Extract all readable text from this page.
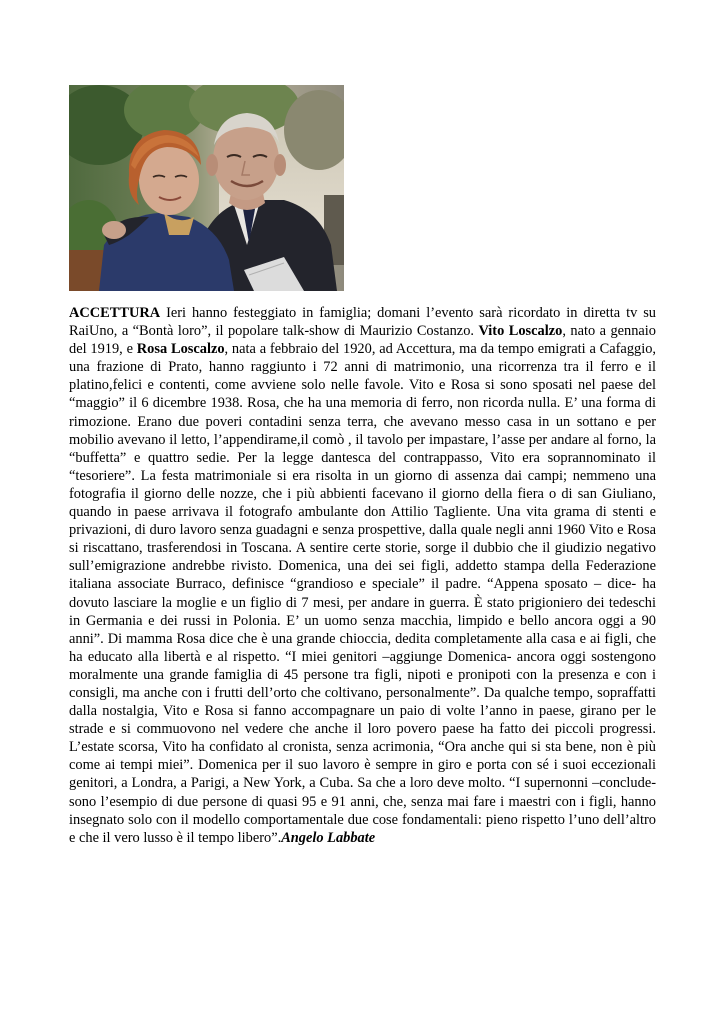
ACCETTURA Ieri hanno festeggiato in famiglia; domani l’evento sarà ricordato in diretta tv su RaiUno, a “Bontà loro”, il popolare talk-show di Maurizio Costanzo. Vito Loscalzo, nato a gennaio del 1919, e Rosa Loscalzo, nata a febbraio del 1920, ad Accettura, ma da tempo emigrati a Cafaggio, una frazione di Prato, hanno raggiunto i 72 anni di matrimonio, una ricorrenza tra il ferro e il platino,felici e contenti, come avviene solo nelle favole. Vito e Rosa si sono sposati nel paese del “maggio” il 6 dicembre 1938. Rosa, che ha una memoria di ferro, non ricorda nulla. E’ una forma di rimozione. Erano due poveri contadini senza terra, che avevano messo casa in un sottano e per mobilio avevano il letto, l’appendirame,il comò , il tavolo per impastare, l’asse per andare al forno, la “buffetta” e quattro sedie. Per la legge dantesca del contrappasso, Vito era soprannominato il “tesoriere”. La festa matrimoniale si era risolta in un giorno di assenza dai campi; nemmeno una fotografia il giorno delle nozze, che i più abbienti facevano il giorno della fiera o di san Giuliano, quando in paese arrivava il fotografo ambulante don Attilio Tagliente. Una vita grama di stenti e privazioni, di duro lavoro senza guadagni e senza prospettive, dalla quale negli anni 1960 Vito e Rosa si riscattano, trasferendosi in Toscana. A sentire certe storie, sorge il dubbio che il giudizio negativo sull’emigrazione andrebbe rivisto. Domenica, una dei sei figli, addetto stampa della Federazione italiana associate Burraco, definisce “grandioso e speciale” il padre. “Appena sposato – dice- ha dovuto lasciare la moglie e un figlio di 7 mesi, per andare in guerra. È stato prigioniero dei tedeschi in Germania e dei russi in Polonia. E’ un uomo senza macchia, limpido e bello ancora oggi a 90 anni”. Di mamma Rosa dice che è una grande chioccia, dedita completamente alla casa e ai figli, che ha educato alla libertà e al rispetto. “I miei genitori –aggiunge Domenica- ancora oggi sostengono moralmente una grande famiglia di 45 persone tra figli, nipoti e pronipoti con la presenza e con i consigli, ma anche con i frutti dell’orto che coltivano, personalmente”. Da qualche tempo, sopraffatti dalla nostalgia, Vito e Rosa si fanno accompagnare un paio di volte l’anno in paese, girano per le strade e si commuovono nel vedere che anche il loro povero paese ha fatto dei piccoli progressi. L’estate scorsa, Vito ha confidato al cronista, senza acrimonia, “Ora anche qui si sta bene, non è più come ai tempi miei”. Domenica per il suo lavoro è sempre in giro e porta con sé i suoi eccezionali genitori, a Londra, a Parigi, a New York, a Cuba. Sa che a loro deve molto. “I supernonni –conclude- sono l’esempio di due persone di quasi 95 e 91 anni, che, senza mai fare i maestri con i figli, hanno insegnato solo con il modello comportamentale due cose fondamentali: pieno rispetto l’uno dell’altro e che il vero lusso è il tempo libero”.Angelo Labbate
